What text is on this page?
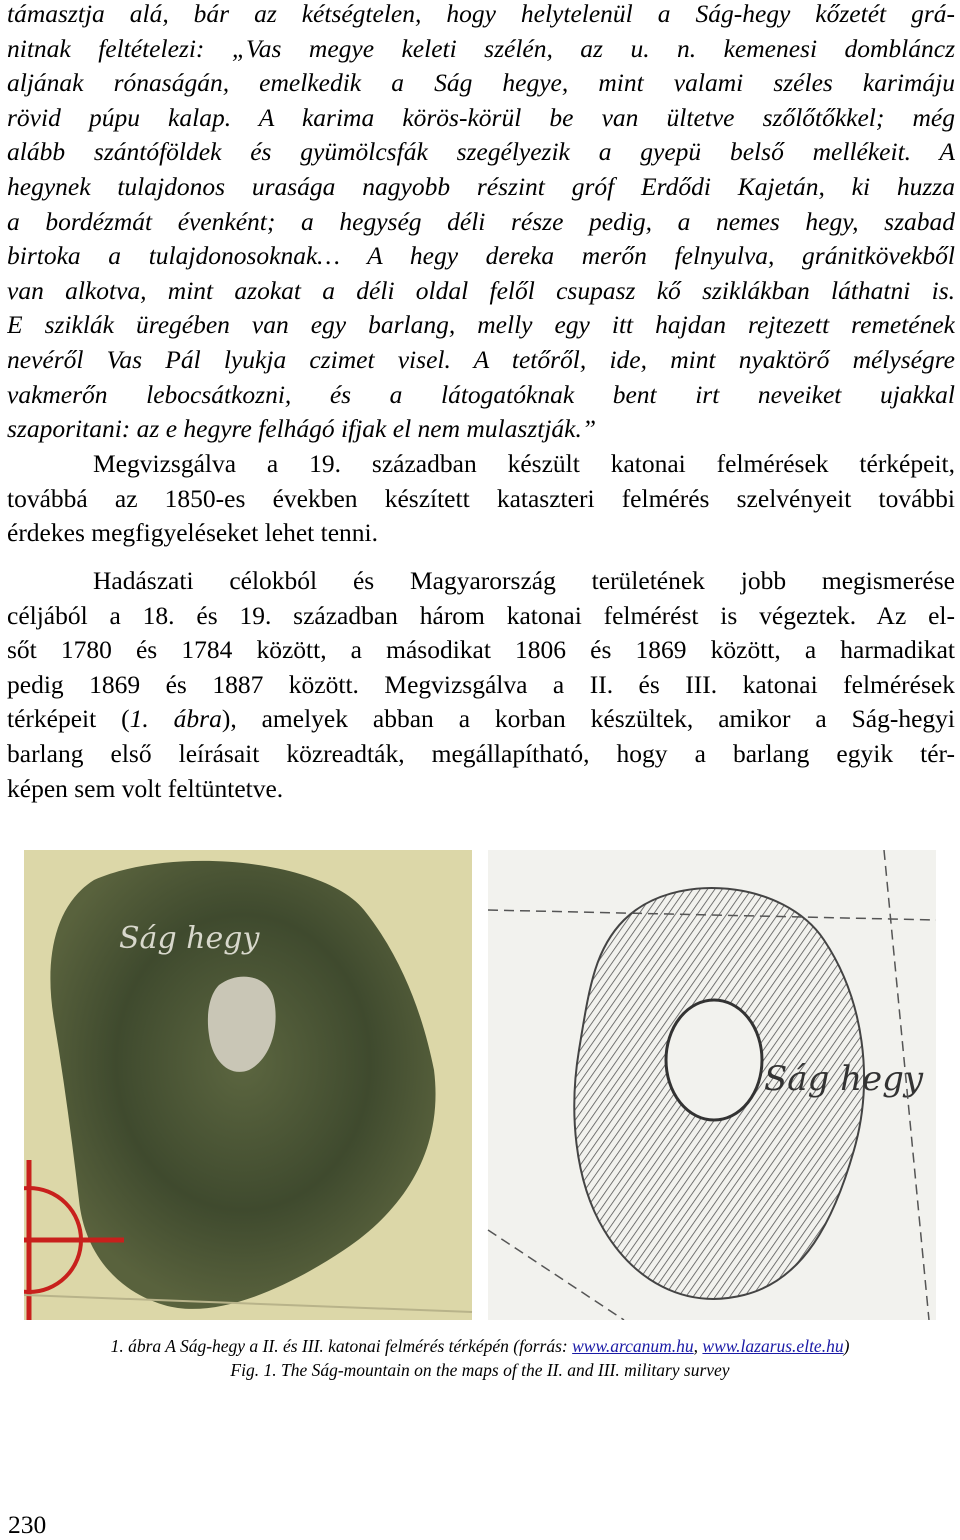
támasztja alá, bár az kétségtelen, hogy helytelenül a Ság-hegy kőzetét grá-
nitnak feltételezi: „Vas megye keleti szélén, az u. n. kemenesi dombláncz
aljának rónaságán, emelkedik a Ság hegye, mint valami széles karimáju
rövid púpu kalap. A karima körös-körül be van ültetve szőlőtőkkel; még
alább szántóföldek és gyümölcsfák szegélyezik a gyepü belső mellékeit. A
hegynek tulajdonos urasága nagyobb részint gróf Erdődi Kajetán, ki huzza
a bordézmát évenként; a hegység déli része pedig, a nemes hegy, szabad
birtoka a tulajdonosoknak… A hegy dereka merőn felnyulva, gránitkövekből
van alkotva, mint azokat a déli oldal felől csupasz kő sziklákban láthatni is.
E sziklák üregében van egy barlang, melly egy itt hajdan rejtezett remetének
nevéről Vas Pál lyukja czimet visel. A tetőről, ide, mint nyaktörő mélységre
vakmerőn lebocsátkozni, és a látogatóknak bent irt neveiket ujakkal
szaporitani: az e hegyre felhágó ifjak el nem mulasztják.”
Megvizsgálva a 19. században készült katonai felmérések térképeit,
továbbá az 1850-es években készített kataszteri felmérés szelvényeit további
érdekes megfigyeléseket lehet tenni.
Hadászati célokból és Magyarország területének jobb megismerése
céljából a 18. és 19. században három katonai felmérést is végeztek. Az el-
sőt 1780 és 1784 között, a másodikat 1806 és 1869 között, a harmadikat
pedig 1869 és 1887 között. Megvizsgálva a II. és III. katonai felmérések
térképeit (1. ábra), amelyek abban a korban készültek, amikor a Ság-hegyi
barlang első leírásait közreadták, megállapítható, hogy a barlang egyik tér-
képen sem volt feltüntetve.
Ság hegy
Ság hegy
1. ábra A Ság-hegy a II. és III. katonai felmérés térképén (forrás: www.arcanum.hu, www.lazarus.elte.hu)
Fig. 1. The Ság-mountain on the maps of the II. and III. military survey
230
